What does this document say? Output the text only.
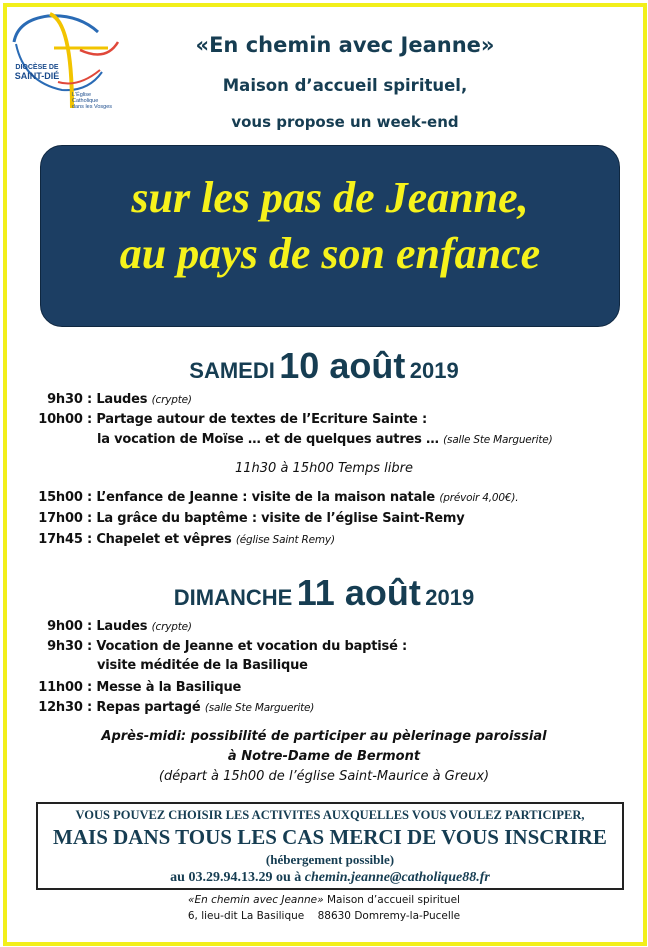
DIOCÈSE DE
SAINT-DIÉ
L'Église
Catholique
dans les Vosges
«En chemin avec Jeanne»
Maison d’accueil spirituel,
vous propose un week-end
sur les pas de Jeanne,
au pays de son enfance
SAMEDI 10 août 2019
9h30 : Laudes (crypte)
10h00 : Partage autour de textes de l’Ecriture Sainte :
la vocation de Moïse … et de quelques autres … (salle Ste Marguerite)
11h30 à 15h00 Temps libre
15h00 : L’enfance de Jeanne : visite de la maison natale (prévoir 4,00€).
17h00 : La grâce du baptême : visite de l’église Saint-Remy
17h45 : Chapelet et vêpres (église Saint Remy)
DIMANCHE 11 août 2019
9h00 : Laudes (crypte)
9h30 : Vocation de Jeanne et vocation du baptisé :
visite méditée de la Basilique
11h00 : Messe à la Basilique
12h30 : Repas partagé (salle Ste Marguerite)
Après-midi: possibilité de participer au pèlerinage paroissial
à Notre-Dame de Bermont
(départ à 15h00 de l’église Saint-Maurice à Greux)
VOUS POUVEZ CHOISIR LES ACTIVITES AUXQUELLES VOUS VOULEZ PARTICIPER,
MAIS DANS TOUS LES CAS MERCI DE VOUS INSCRIRE
(hébergement possible)
au 03.29.94.13.29 ou à chemin.jeanne@catholique88.fr
«En chemin avec Jeanne» Maison d’accueil spirituel
6, lieu-dit La Basilique    88630 Domremy-la-Pucelle
